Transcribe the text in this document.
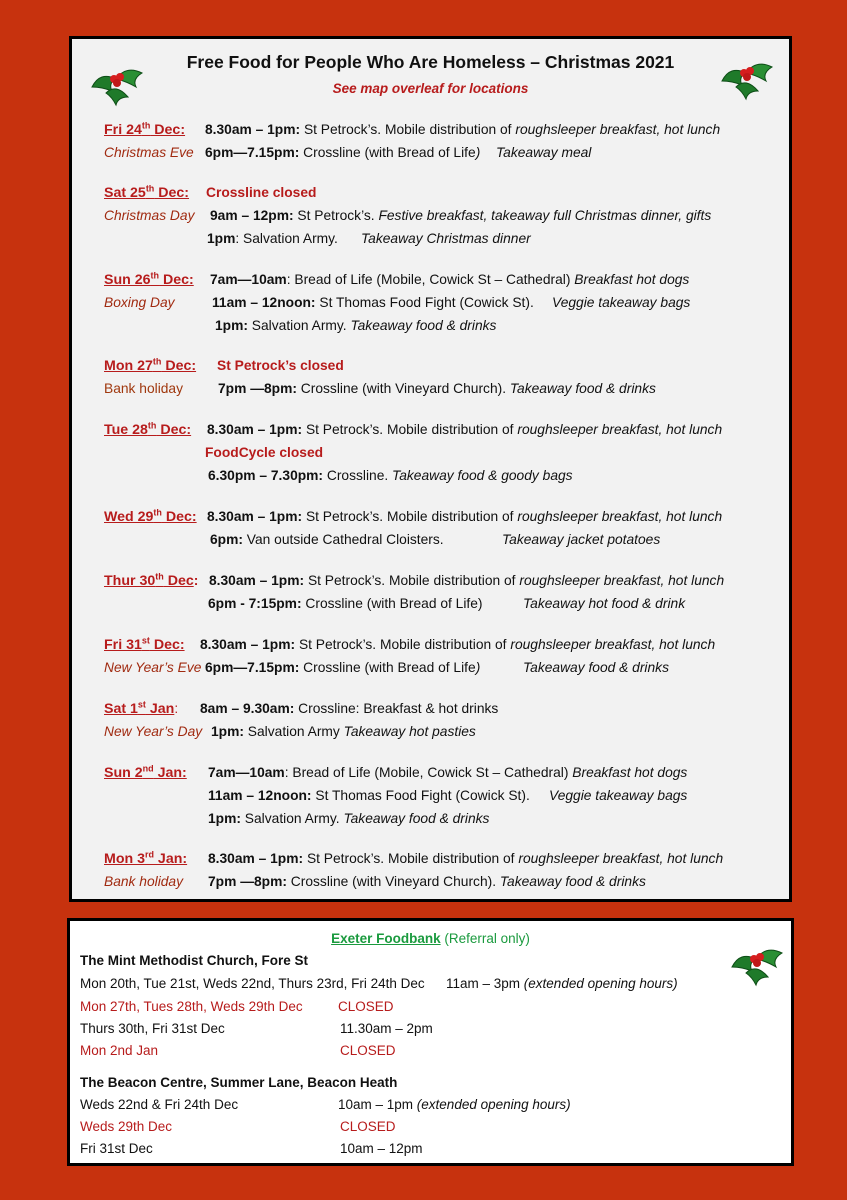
Free Food for People Who Are Homeless – Christmas 2021
See map overleaf for locations
Fri 24th Dec: 8.30am – 1pm: St Petrock’s. Mobile distribution of roughsleeper breakfast, hot lunch
Christmas Eve 6pm—7.15pm: Crossline (with Bread of Life) Takeaway meal
Sat 25th Dec: Crossline closed
Christmas Day 9am – 12pm: St Petrock’s. Festive breakfast, takeaway full Christmas dinner, gifts
1pm: Salvation Army. Takeaway Christmas dinner
Sun 26th Dec: 7am—10am: Bread of Life (Mobile, Cowick St – Cathedral) Breakfast hot dogs
Boxing Day	11am – 12noon: St Thomas Food Fight (Cowick St). Veggie takeaway bags
1pm: Salvation Army. Takeaway food & drinks
Mon 27th Dec: St Petrock’s closed
Bank holiday	7pm —8pm: Crossline (with Vineyard Church). Takeaway food & drinks
Tue 28th Dec: 8.30am – 1pm: St Petrock’s. Mobile distribution of roughsleeper breakfast, hot lunch
FoodCycle closed
6.30pm – 7.30pm: Crossline. Takeaway food & goody bags
Wed 29th Dec: 8.30am – 1pm: St Petrock’s. Mobile distribution of roughsleeper breakfast, hot lunch
6pm: Van outside Cathedral Cloisters.	Takeaway jacket potatoes
Thur 30th Dec: 8.30am – 1pm: St Petrock’s. Mobile distribution of roughsleeper breakfast, hot lunch
6pm - 7:15pm: Crossline (with Bread of Life)	Takeaway hot food & drink
Fri 31st Dec: 8.30am – 1pm: St Petrock’s. Mobile distribution of roughsleeper breakfast, hot lunch
New Year’s Eve 6pm—7.15pm: Crossline (with Bread of Life)	Takeaway food & drinks
Sat 1st Jan: 8am – 9.30am: Crossline: Breakfast & hot drinks
New Year’s Day 1pm: Salvation Army Takeaway hot pasties
Sun 2nd Jan: 7am—10am: Bread of Life (Mobile, Cowick St – Cathedral) Breakfast hot dogs
11am – 12noon: St Thomas Food Fight (Cowick St). Veggie takeaway bags
1pm: Salvation Army. Takeaway food & drinks
Mon 3rd Jan: 8.30am – 1pm: St Petrock’s. Mobile distribution of roughsleeper breakfast, hot lunch
Bank holiday 7pm —8pm: Crossline (with Vineyard Church). Takeaway food & drinks
Exeter Foodbank (Referral only)
The Mint Methodist Church, Fore St
Mon 20th, Tue 21st, Weds 22nd, Thurs 23rd, Fri 24th Dec 11am – 3pm (extended opening hours)
Mon 27th, Tues 28th, Weds 29th Dec	CLOSED
Thurs 30th, Fri 31st Dec	11.30am – 2pm
Mon 2nd Jan	CLOSED
The Beacon Centre, Summer Lane, Beacon Heath
Weds 22nd & Fri 24th Dec	10am – 1pm (extended opening hours)
Weds 29th Dec	CLOSED
Fri 31st Dec	10am – 12pm
